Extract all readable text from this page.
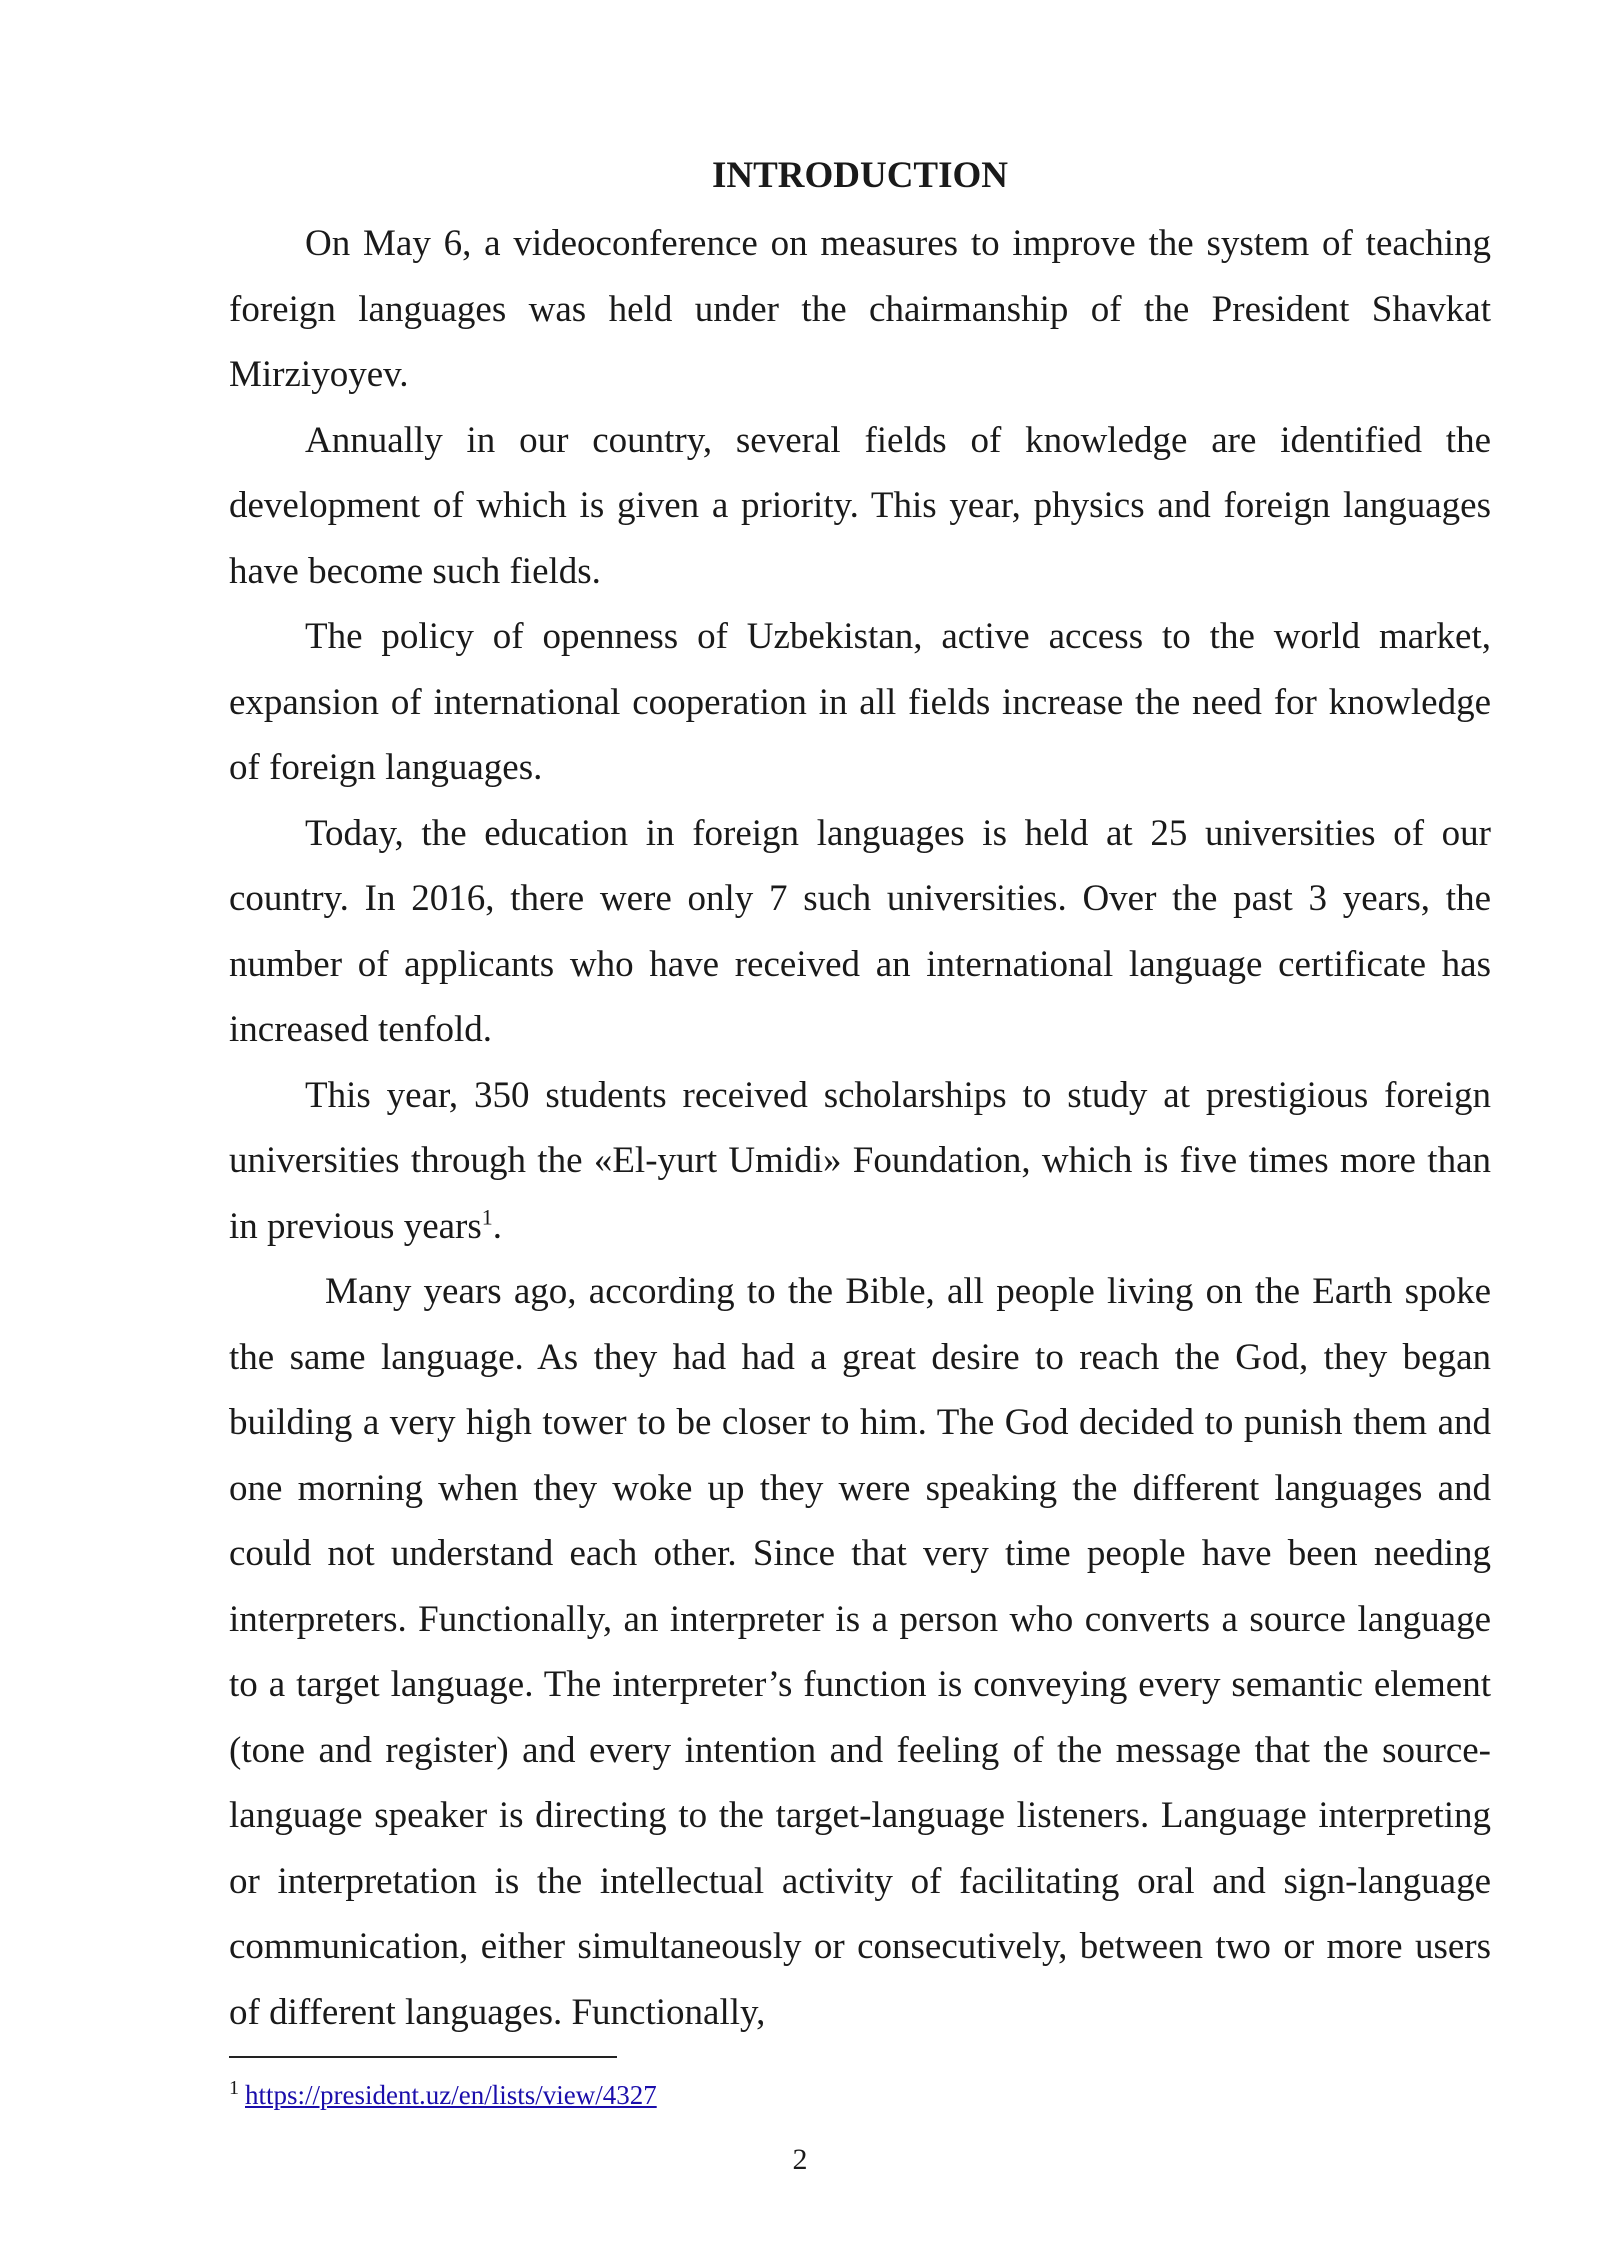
INTRODUCTION

On May 6, a videoconference on measures to improve the system of teaching foreign languages was held under the chairmanship of the President Shavkat Mirziyoyev.

Annually in our country, several fields of knowledge are identified the development of which is given a priority. This year, physics and foreign languages have become such fields.

The policy of openness of Uzbekistan, active access to the world market, expansion of international cooperation in all fields increase the need for knowledge of foreign languages.

Today, the education in foreign languages is held at 25 universities of our country. In 2016, there were only 7 such universities. Over the past 3 years, the number of applicants who have received an international language certificate has increased tenfold.

This year, 350 students received scholarships to study at prestigious foreign universities through the «El-yurt Umidi» Foundation, which is five times more than in previous years$^1$.

Many years ago, according to the Bible, all people living on the Earth spoke the same language. As they had had a great desire to reach the God, they began building a very high tower to be closer to him. The God decided to punish them and one morning when they woke up they were speaking the different languages and could not understand each other. Since that very time people have been needing interpreters. Functionally, an interpreter is a person who converts a source language to a target language. The interpreter’s function is conveying every semantic element (tone and register) and every intention and feeling of the message that the source-language speaker is directing to the target-language listeners. Language interpreting or interpretation is the intellectual activity of facilitating oral and sign-language communication, either simultaneously or consecutively, between two or more users of different languages. Functionally,

$^1$ https://president.uz/en/lists/view/4327
2
